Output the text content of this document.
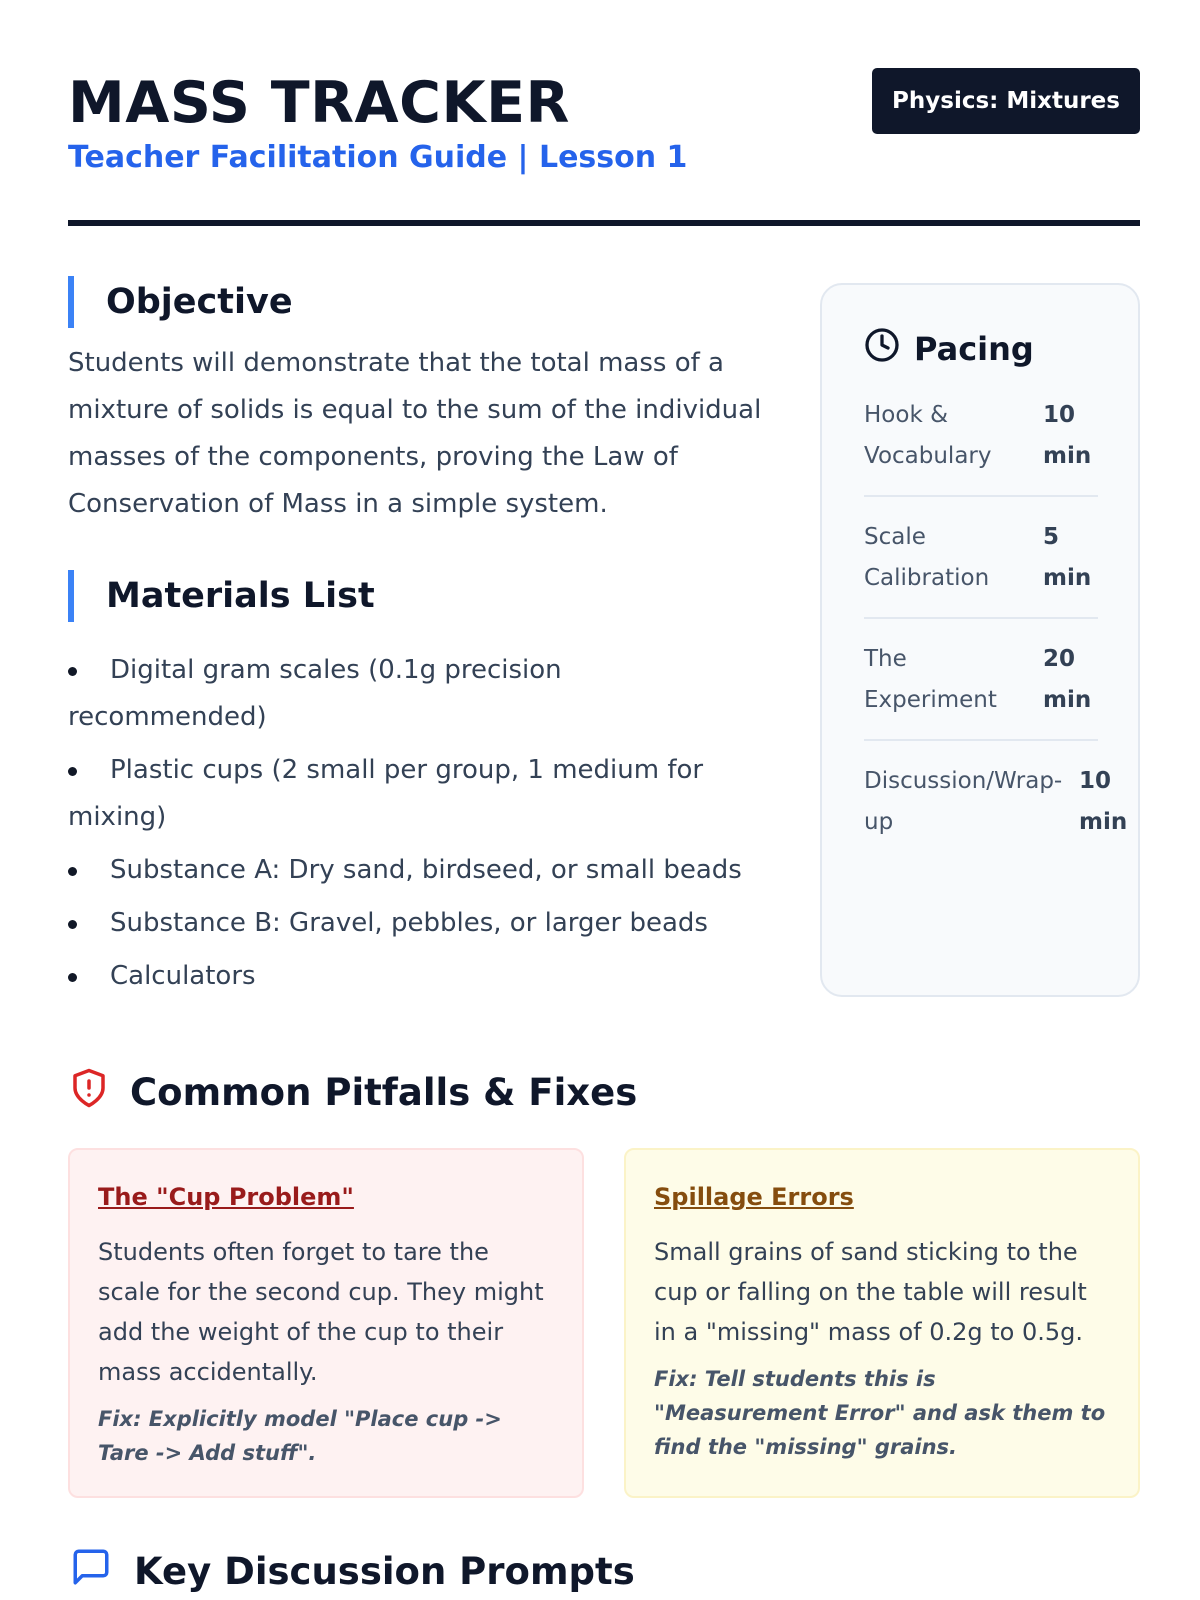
MASS TRACKER
Teacher Facilitation Guide | Lesson 1
Physics: Mixtures
Objective

Students will demonstrate that the total mass of a mixture of solids is equal to the sum of the individual masses of the components, proving the Law of Conservation of Mass in a simple system.

Materials List
Digital gram scales (0.1g precision recommended)
Plastic cups (2 small per group, 1 medium for mixing)
Substance A: Dry sand, birdseed, or small beads
Substance B: Gravel, pebbles, or larger beads
Calculators
Pacing
Hook & Vocabulary
10 min
Scale Calibration
5 min
The Experiment
20 min
Discussion/Wrap-up
10 min
Common Pitfalls & Fixes
The "Cup Problem"
Students often forget to tare the scale for the second cup. They might add the weight of the cup to their mass accidentally.
Fix: Explicitly model "Place cup -> Tare -> Add stuff".
Spillage Errors
Small grains of sand sticking to the cup or falling on the table will result in a "missing" mass of 0.2g to 0.5g.
Fix: Tell students this is "Measurement Error" and ask them to find the "missing" grains.
Key Discussion Prompts
